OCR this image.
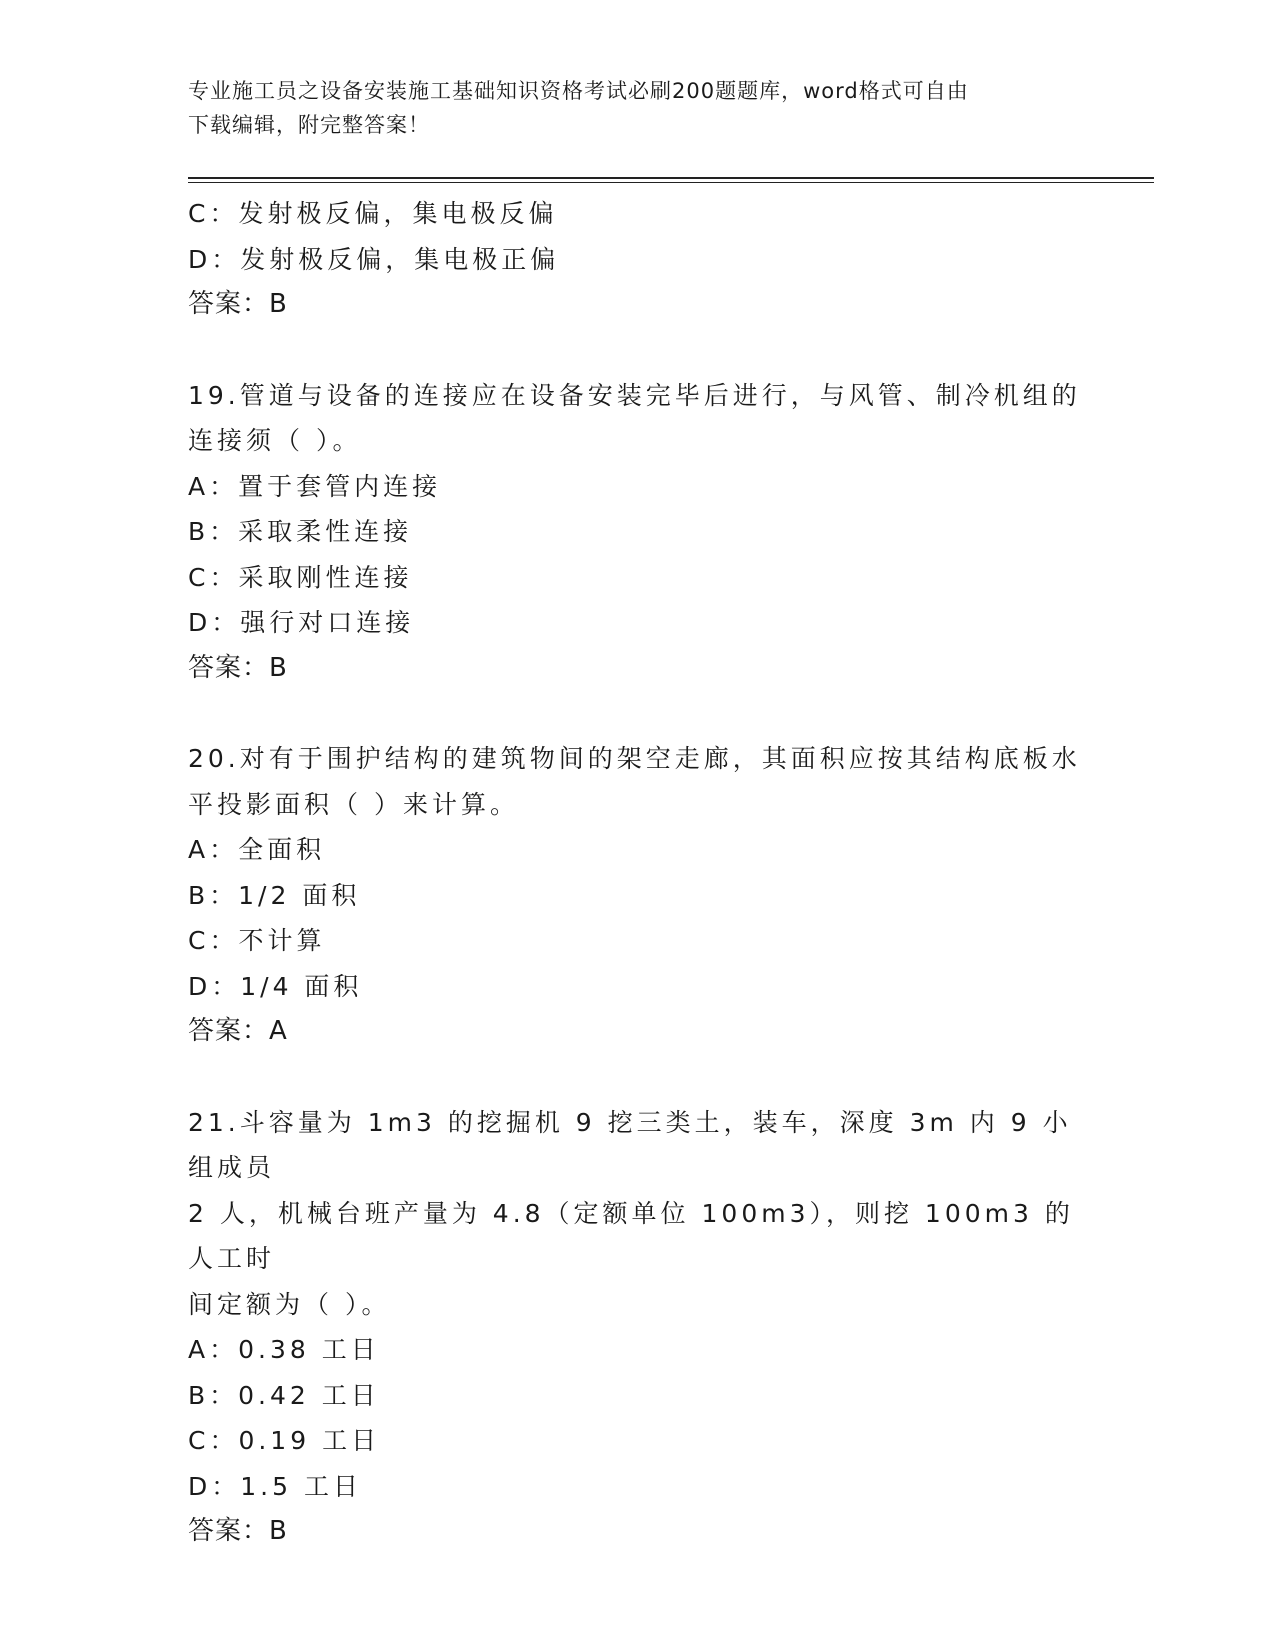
专业施工员之设备安装施工基础知识资格考试必刷200题题库，word格式可自由
下载编辑，附完整答案！
C：发射极反偏，集电极反偏
D：发射极反偏，集电极正偏
答案：B
19.管道与设备的连接应在设备安装完毕后进行，与风管、制冷机组的
连接须（ ）。
A：置于套管内连接
B：采取柔性连接
C：采取刚性连接
D：强行对口连接
答案：B
20.对有于围护结构的建筑物间的架空走廊，其面积应按其结构底板水
平投影面积（ ）来计算。
A：全面积
B：1/2 面积
C：不计算
D：1/4 面积
答案：A
21.斗容量为 1m3 的挖掘机 9 挖三类土，装车，深度 3m 内 9 小组成员
2 人，机械台班产量为 4.8（定额单位 100m3），则挖 100m3 的人工时
间定额为（ ）。
A：0.38 工日
B：0.42 工日
C：0.19 工日
D：1.5 工日
答案：B
